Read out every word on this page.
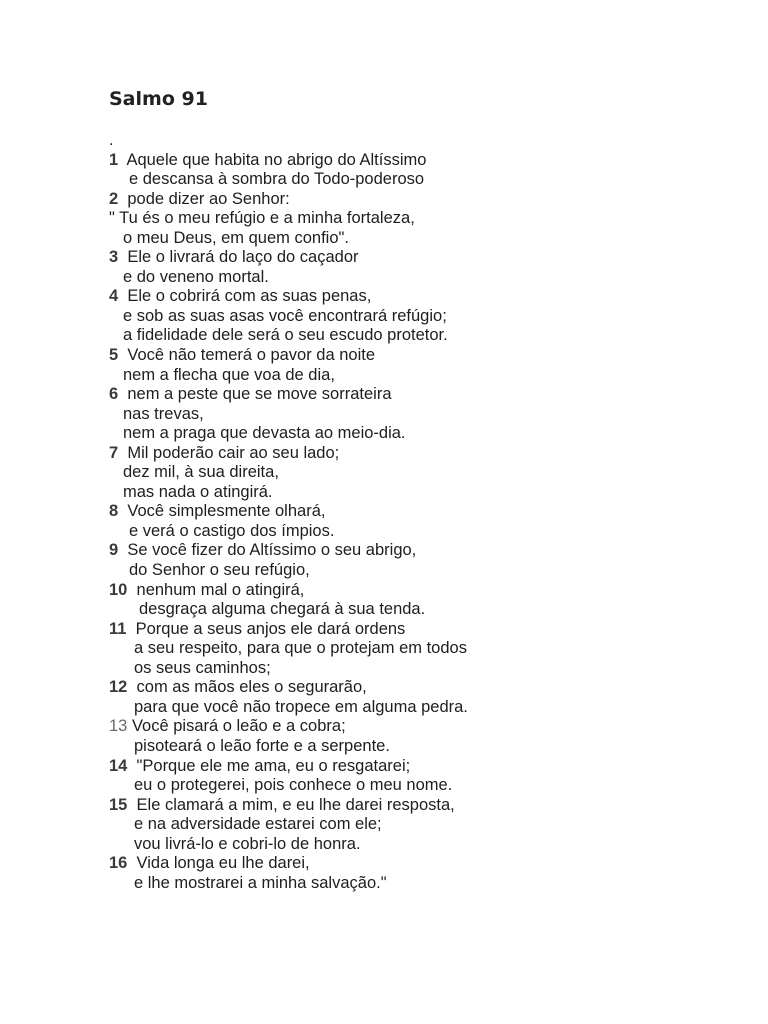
Salmo 91
.
1  Aquele que habita no abrigo do Altíssimo
e descansa à sombra do Todo-poderoso
2  pode dizer ao Senhor:
" Tu és o meu refúgio e a minha fortaleza,
o meu Deus, em quem confio".
3  Ele o livrará do laço do caçador
e do veneno mortal.
4  Ele o cobrirá com as suas penas,
e sob as suas asas você encontrará refúgio;
a fidelidade dele será o seu escudo protetor.
5  Você não temerá o pavor da noite
nem a flecha que voa de dia,
6  nem a peste que se move sorrateira
nas trevas,
nem a praga que devasta ao meio-dia.
7  Mil poderão cair ao seu lado;
dez mil, à sua direita,
mas nada o atingirá.
8  Você simplesmente olhará,
e verá o castigo dos ímpios.
9  Se você fizer do Altíssimo o seu abrigo,
do Senhor o seu refúgio,
10  nenhum mal o atingirá,
desgraça alguma chegará à sua tenda.
11  Porque a seus anjos ele dará ordens
a seu respeito, para que o protejam em todos
os seus caminhos;
12  com as mãos eles o segurarão,
para que você não tropece em alguma pedra.
13 Você pisará o leão e a cobra;
pisoteará o leão forte e a serpente.
14  "Porque ele me ama, eu o resgatarei;
eu o protegerei, pois conhece o meu nome.
15  Ele clamará a mim, e eu lhe darei resposta,
e na adversidade estarei com ele;
vou livrá-lo e cobri-lo de honra.
16  Vida longa eu lhe darei,
e lhe mostrarei a minha salvação."
